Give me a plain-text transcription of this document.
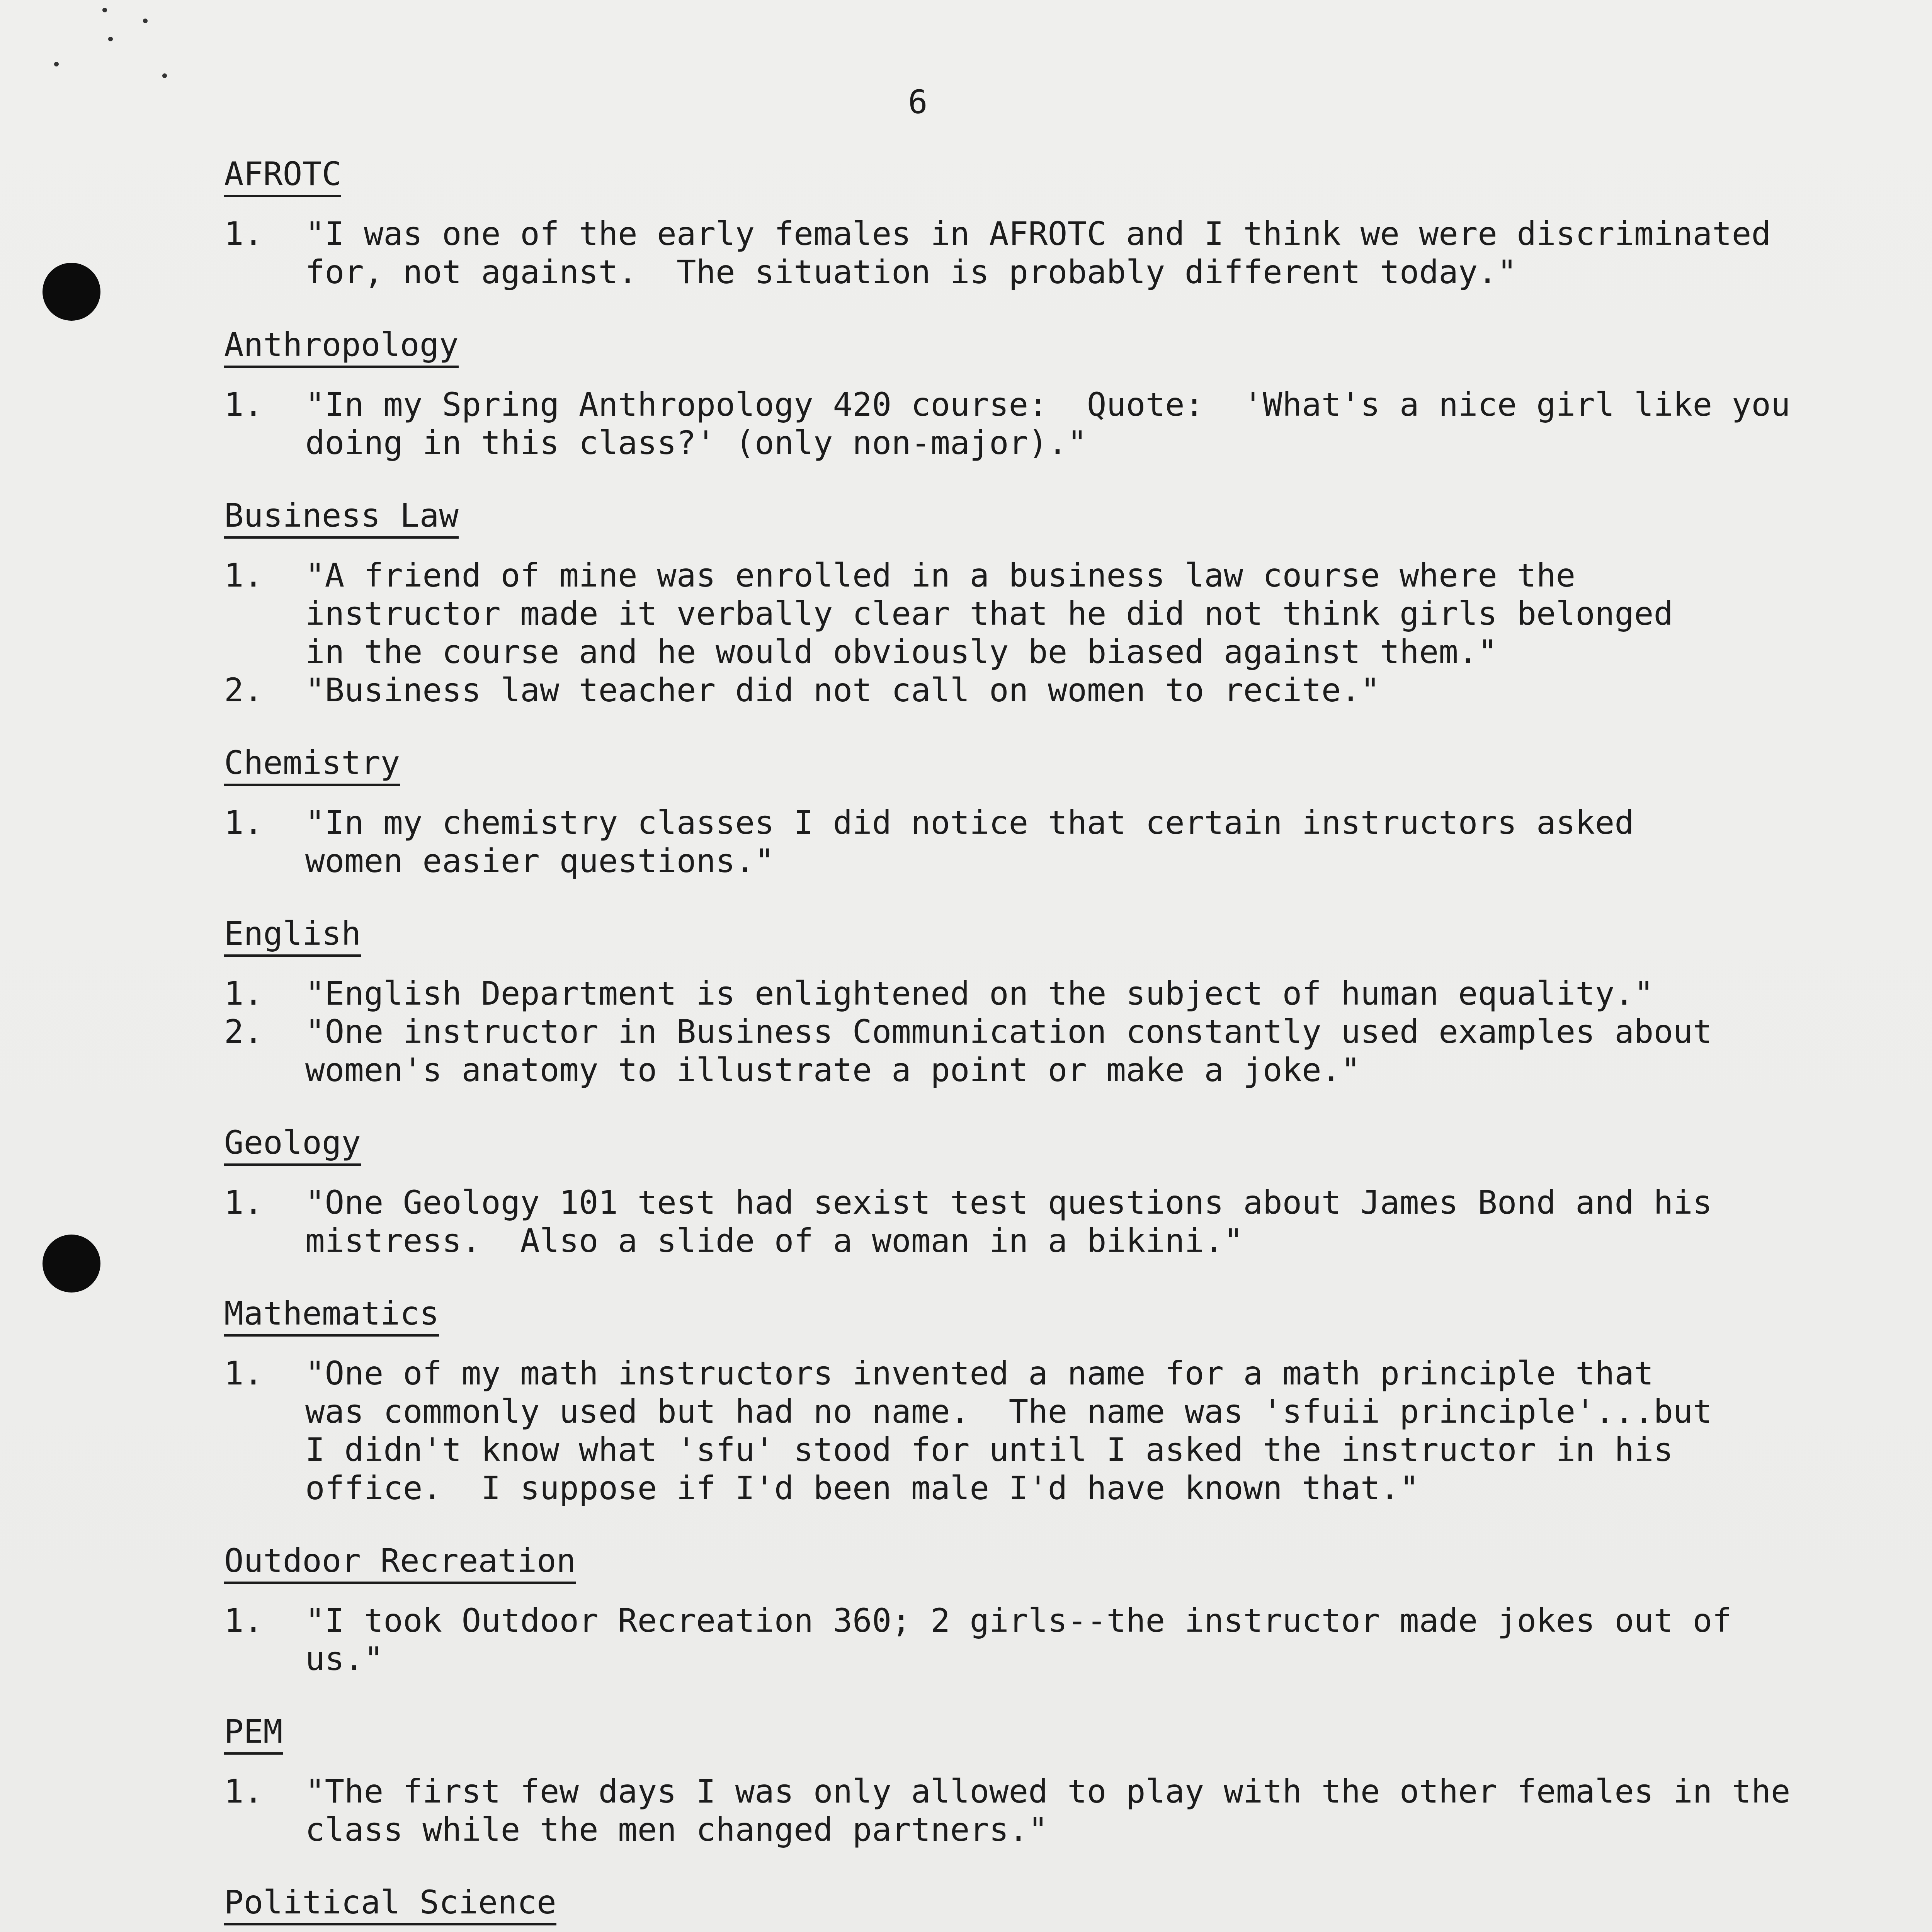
6
AFROTC
1.	"I was one of the early females in AFROTC and I think we were discriminated
for, not against.  The situation is probably different today."
Anthropology
1.	"In my Spring Anthropology 420 course:  Quote:  'What's a nice girl like you
doing in this class?' (only non-major)."
Business Law
1.	"A friend of mine was enrolled in a business law course where the
instructor made it verbally clear that he did not think girls belonged
in the course and he would obviously be biased against them."
2.	"Business law teacher did not call on women to recite."
Chemistry
1.	"In my chemistry classes I did notice that certain instructors asked
women easier questions."
English
1.	"English Department is enlightened on the subject of human equality."
2.	"One instructor in Business Communication constantly used examples about
women's anatomy to illustrate a point or make a joke."
Geology
1.	"One Geology 101 test had sexist test questions about James Bond and his
mistress.  Also a slide of a woman in a bikini."
Mathematics
1.	"One of my math instructors invented a name for a math principle that
was commonly used but had no name.  The name was 'sfuii principle'...but
I didn't know what 'sfu' stood for until I asked the instructor in his
office.  I suppose if I'd been male I'd have known that."
Outdoor Recreation
1.	"I took Outdoor Recreation 360; 2 girls--the instructor made jokes out of us."
PEM
1.	"The first few days I was only allowed to play with the other females in the
class while the men changed partners."
Political Science
